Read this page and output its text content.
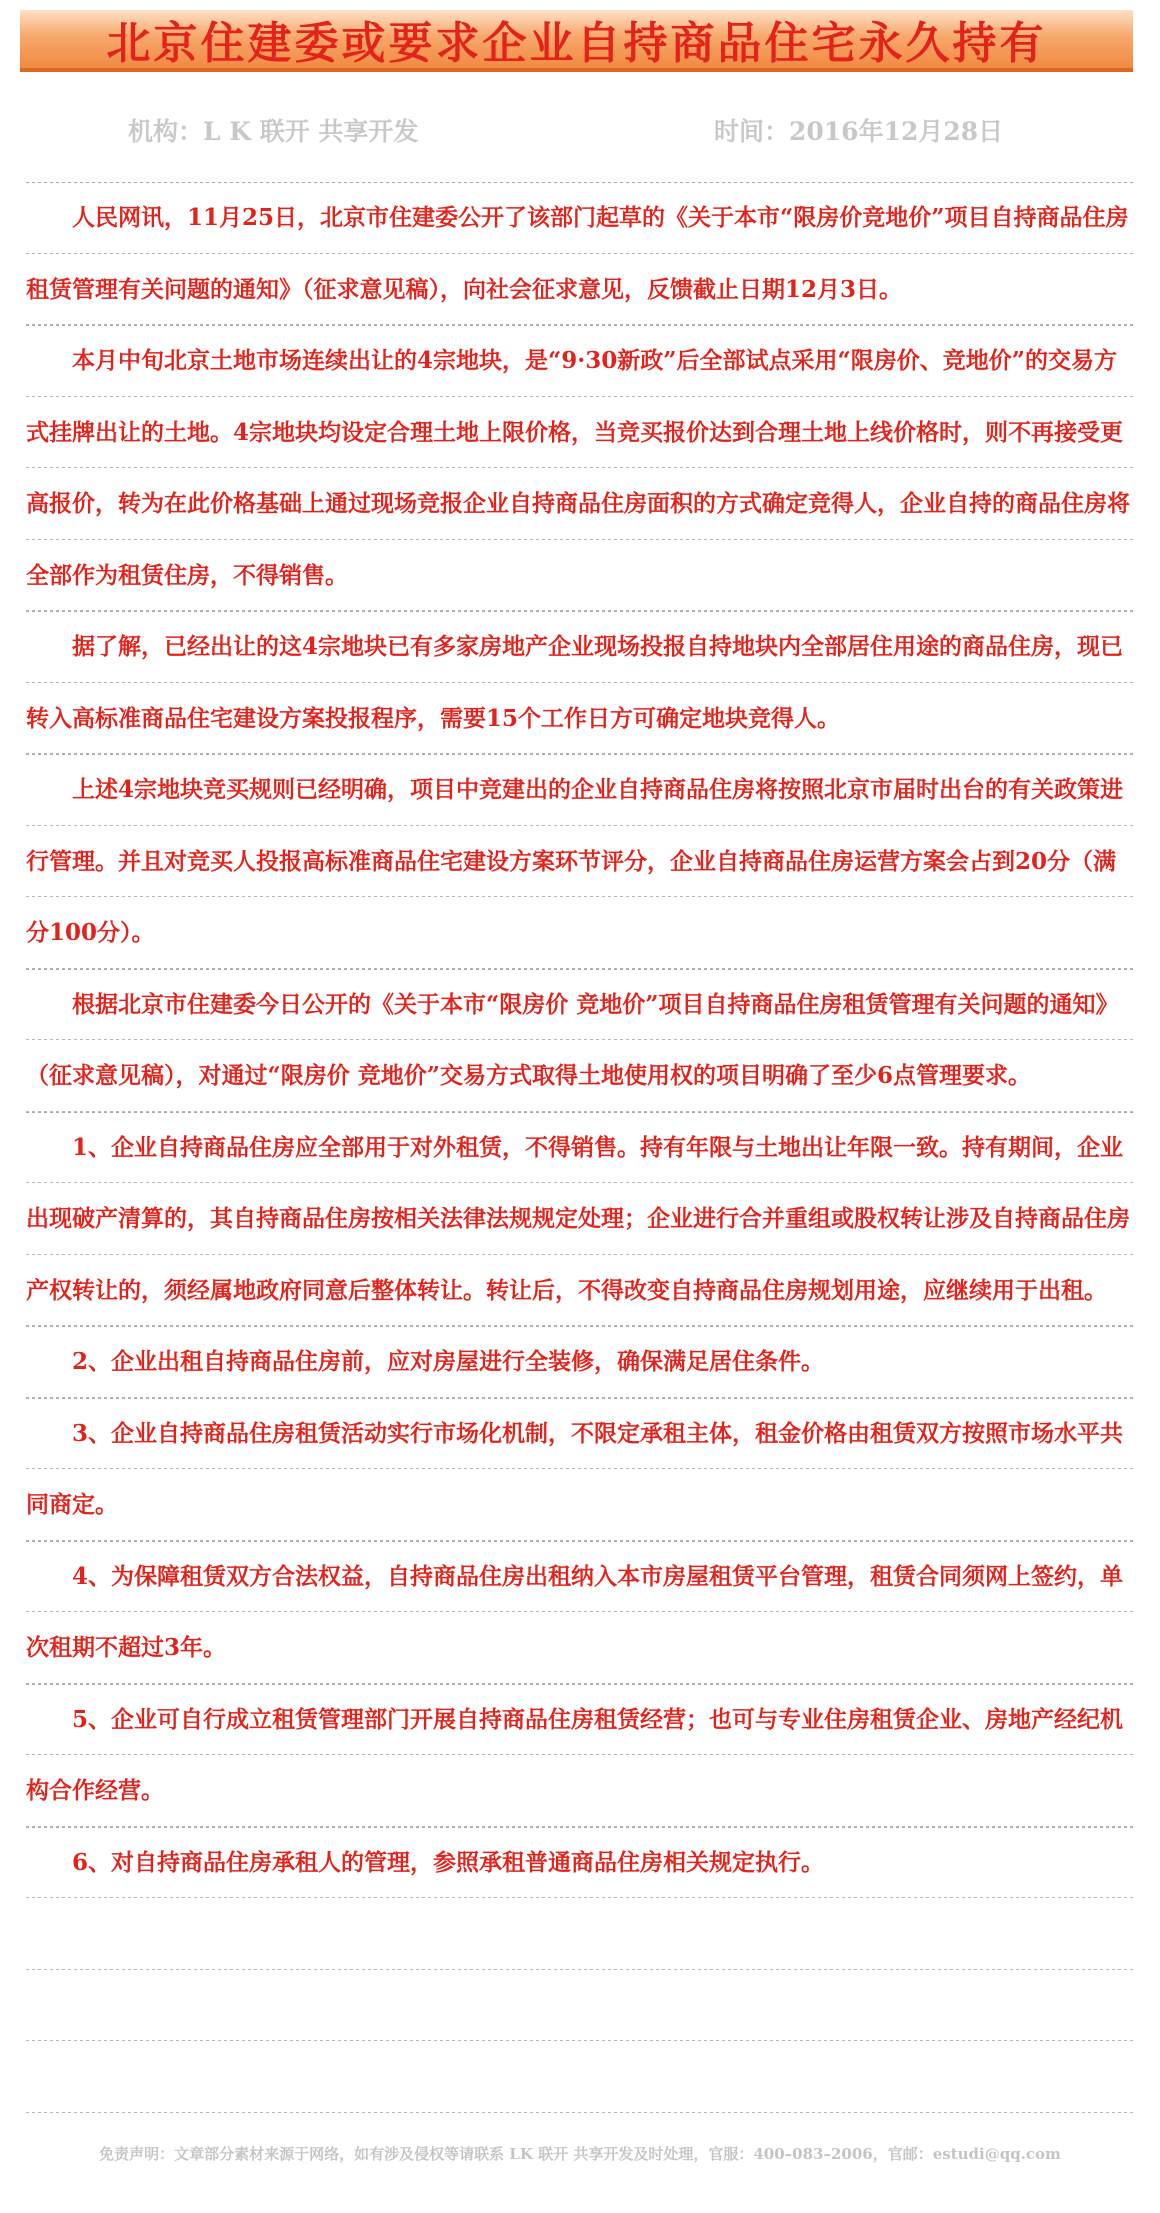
北京住建委或要求企业自持商品住宅永久持有
机构：L K 联开 共享开发	时间：2016年12月28日

人民网讯，11月25日，北京市住建委公开了该部门起草的《关于本市“限房价竞地价”项目自持商品住房租赁管理有关问题的通知》（征求意见稿），向社会征求意见，反馈截止日期12月3日。

本月中旬北京土地市场连续出让的4宗地块，是“9·30新政”后全部试点采用“限房价、竞地价”的交易方式挂牌出让的土地。4宗地块均设定合理土地上限价格，当竞买报价达到合理土地上线价格时，则不再接受更高报价，转为在此价格基础上通过现场竞报企业自持商品住房面积的方式确定竞得人，企业自持的商品住房将全部作为租赁住房，不得销售。

据了解，已经出让的这4宗地块已有多家房地产企业现场投报自持地块内全部居住用途的商品住房，现已转入高标准商品住宅建设方案投报程序，需要15个工作日方可确定地块竞得人。

上述4宗地块竞买规则已经明确，项目中竞建出的企业自持商品住房将按照北京市届时出台的有关政策进行管理。并且对竞买人投报高标准商品住宅建设方案环节评分，企业自持商品住房运营方案会占到20分（满分100分）。

根据北京市住建委今日公开的《关于本市“限房价 竞地价”项目自持商品住房租赁管理有关问题的通知》（征求意见稿），对通过“限房价 竞地价”交易方式取得土地使用权的项目明确了至少6点管理要求。

1、企业自持商品住房应全部用于对外租赁，不得销售。持有年限与土地出让年限一致。持有期间，企业出现破产清算的，其自持商品住房按相关法律法规规定处理；企业进行合并重组或股权转让涉及自持商品住房产权转让的，须经属地政府同意后整体转让。转让后，不得改变自持商品住房规划用途，应继续用于出租。

2、企业出租自持商品住房前，应对房屋进行全装修，确保满足居住条件。

3、企业自持商品住房租赁活动实行市场化机制，不限定承租主体，租金价格由租赁双方按照市场水平共同商定。

4、为保障租赁双方合法权益，自持商品住房出租纳入本市房屋租赁平台管理，租赁合同须网上签约，单次租期不超过3年。

5、企业可自行成立租赁管理部门开展自持商品住房租赁经营；也可与专业住房租赁企业、房地产经纪机构合作经营。

6、对自持商品住房承租人的管理，参照承租普通商品住房相关规定执行。

免责声明：文章部分素材来源于网络，如有涉及侵权等请联系 LK 联开 共享开发及时处理，官服：400–083–2006，官邮：estudi@qq.com
